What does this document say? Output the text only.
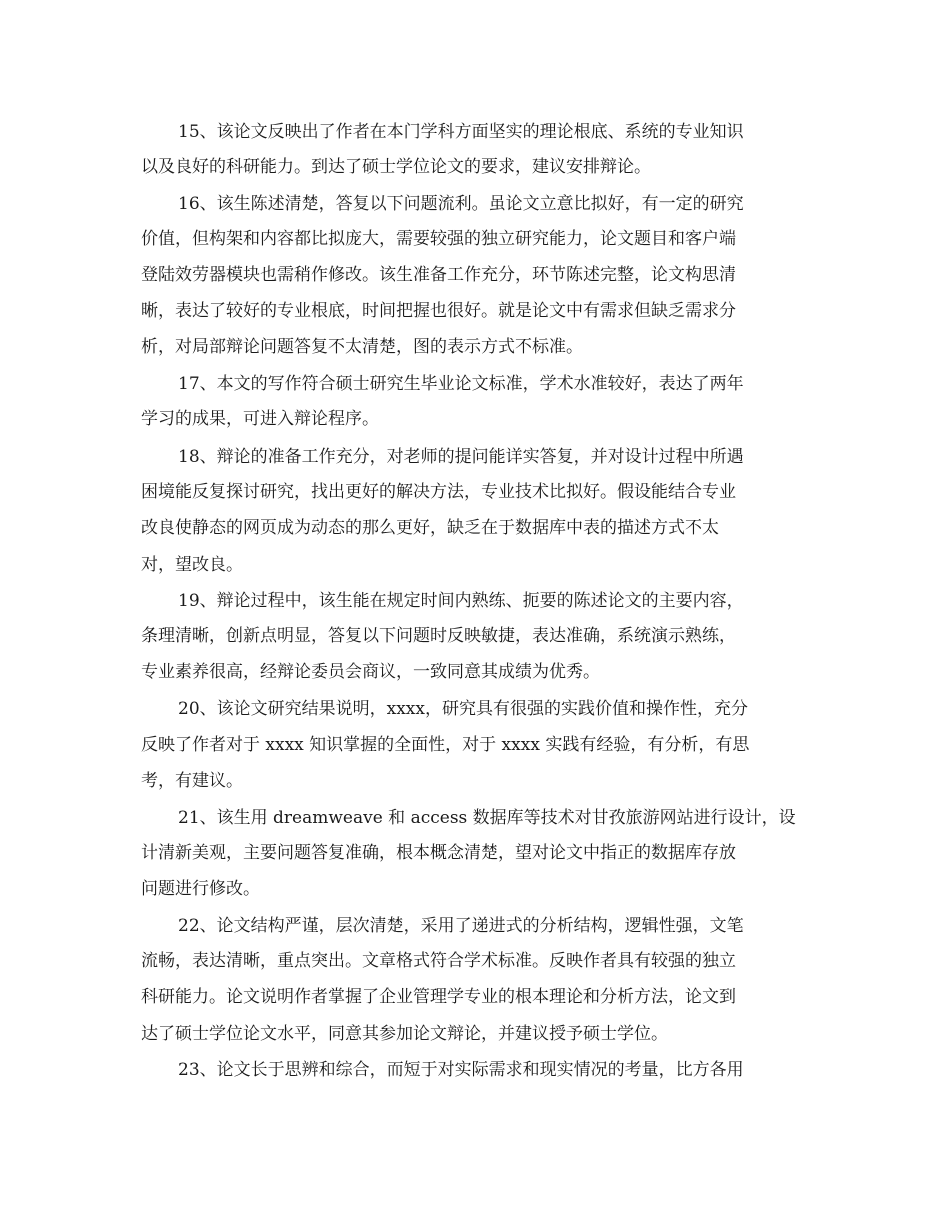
15、该论文反映出了作者在本门学科方面坚实的理论根底、系统的专业知识

以及良好的科研能力。到达了硕士学位论文的要求，建议安排辩论。

16、该生陈述清楚，答复以下问题流利。虽论文立意比拟好，有一定的研究

价值，但构架和内容都比拟庞大，需要较强的独立研究能力，论文题目和客户端

登陆效劳器模块也需稍作修改。该生准备工作充分，环节陈述完整，论文构思清

晰，表达了较好的专业根底，时间把握也很好。就是论文中有需求但缺乏需求分

析，对局部辩论问题答复不太清楚，图的表示方式不标准。

17、本文的写作符合硕士研究生毕业论文标准，学术水准较好，表达了两年

学习的成果，可进入辩论程序。

18、辩论的准备工作充分，对老师的提问能详实答复，并对设计过程中所遇

困境能反复探讨研究，找出更好的解决方法，专业技术比拟好。假设能结合专业

改良使静态的网页成为动态的那么更好，缺乏在于数据库中表的描述方式不太

对，望改良。

19、辩论过程中，该生能在规定时间内熟练、扼要的陈述论文的主要内容，

条理清晰，创新点明显，答复以下问题时反映敏捷，表达准确，系统演示熟练，

专业素养很高，经辩论委员会商议，一致同意其成绩为优秀。

20、该论文研究结果说明，xxxx，研究具有很强的实践价值和操作性，充分

反映了作者对于 xxxx 知识掌握的全面性，对于 xxxx 实践有经验，有分析，有思

考，有建议。

21、该生用 dreamweave 和 access 数据库等技术对甘孜旅游网站进行设计，设

计清新美观，主要问题答复准确，根本概念清楚，望对论文中指正的数据库存放

问题进行修改。

22、论文结构严谨，层次清楚，采用了递进式的分析结构，逻辑性强，文笔

流畅，表达清晰，重点突出。文章格式符合学术标准。反映作者具有较强的独立

科研能力。论文说明作者掌握了企业管理学专业的根本理论和分析方法，论文到

达了硕士学位论文水平，同意其参加论文辩论，并建议授予硕士学位。

23、论文长于思辨和综合，而短于对实际需求和现实情况的考量，比方各用
